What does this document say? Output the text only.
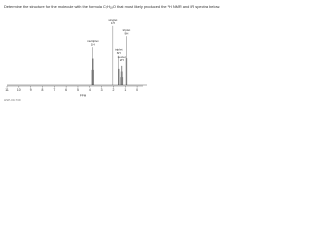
Determine the structure for the molecule with the formula C₇H₁₈O that most likely produced the ¹H NMR and IR spectra below.
11 10	9	8	7	6	5	4	3	2	1	0
PPM
multiplet
1H
singlet
1H
triplet
6H
sextet
2H
triplet
9H
HSP-00-739
